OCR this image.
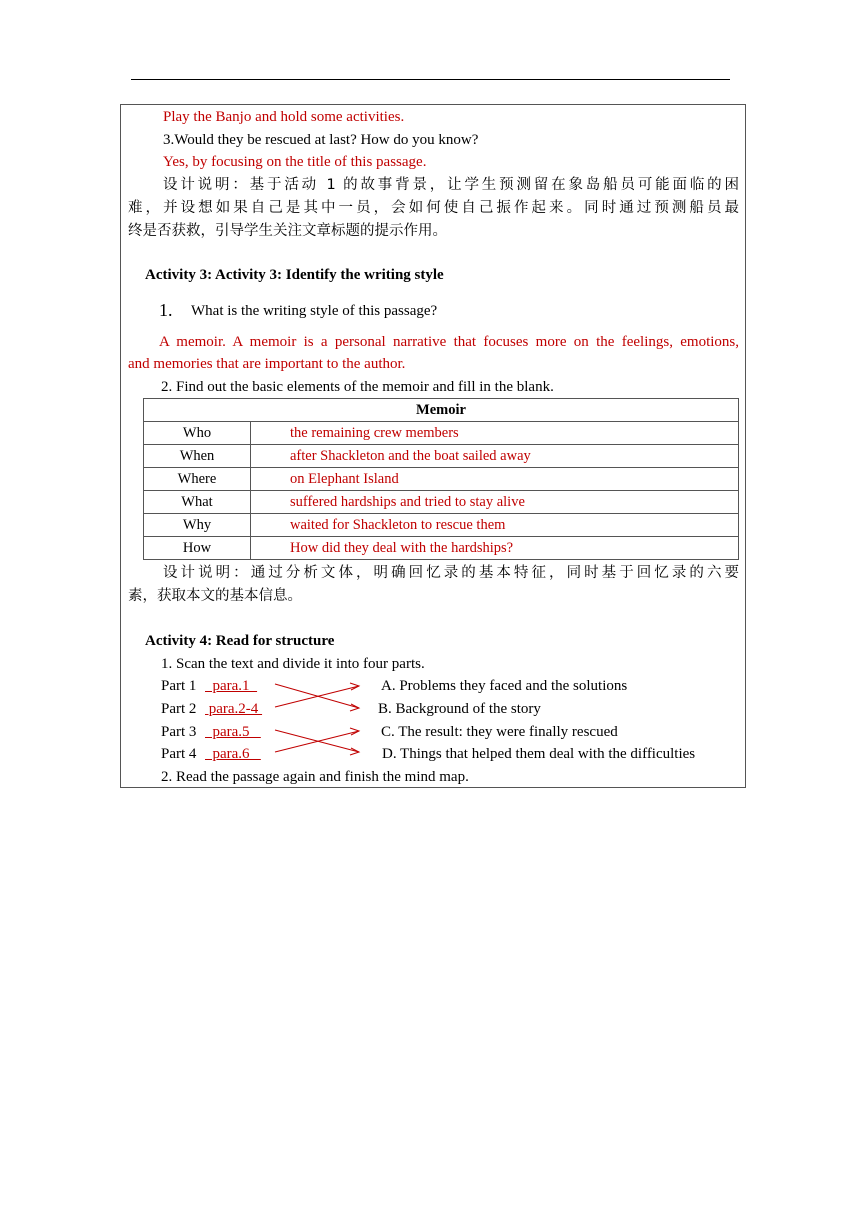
Play the Banjo and hold some activities.
3.Would they be rescued at last? How do you know?
Yes, by focusing on the title of this passage.
设计说明：基于活动 1 的故事背景，让学生预测留在象岛船员可能面临的困
难，并设想如果自己是其中一员，会如何使自己振作起来。同时通过预测船员最
终是否获救，引导学生关注文章标题的提示作用。
Activity 3: Activity 3: Identify the writing style
1. What is the writing style of this passage?
A memoir. A memoir is a personal narrative that focuses more on the feelings, emotions,
and memories that are important to the author.
2. Find out the basic elements of the memoir and fill in the blank.
Memoir	
Who	the remaining crew members
When	after Shackleton and the boat sailed away
Where	on Elephant Island
What	suffered hardships and tried to stay alive
Why	waited for Shackleton to rescue them
How	How did they deal with the hardships?
设计说明：通过分析文体，明确回忆录的基本特征，同时基于回忆录的六要
素，获取本文的基本信息。
Activity 4: Read for structure
1. Scan the text and divide it into four parts.
Part 1 para.1	A. Problems they faced and the solutions
Part 2 para.2-4	B. Background of the story
Part 3 para.5	C. The result: they were finally rescued
Part 4 para.6	D. Things that helped them deal with the difficulties
2. Read the passage again and finish the mind map.
